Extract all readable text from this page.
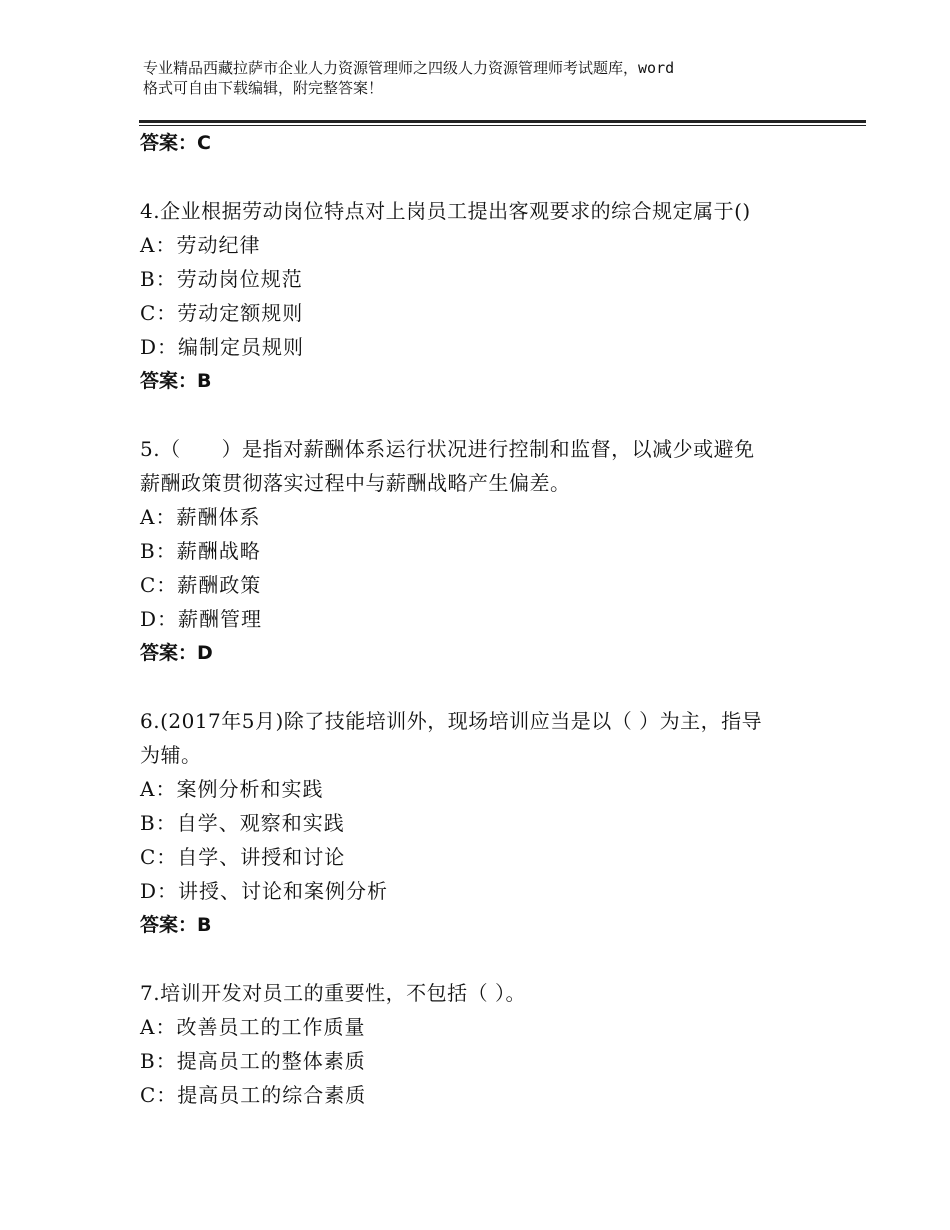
专业精品西藏拉萨市企业人力资源管理师之四级人力资源管理师考试题库，word
格式可自由下载编辑，附完整答案！
答案：C
4.企业根据劳动岗位特点对上岗员工提出客观要求的综合规定属于()
A：劳动纪律
B：劳动岗位规范
C：劳动定额规则
D：编制定员规则
答案：B
5.（　　）是指对薪酬体系运行状况进行控制和监督，以减少或避免
薪酬政策贯彻落实过程中与薪酬战略产生偏差。
A：薪酬体系
B：薪酬战略
C：薪酬政策
D：薪酬管理
答案：D
6.(2017年5月)除了技能培训外，现场培训应当是以（ ）为主，指导
为辅。
A：案例分析和实践
B：自学、观察和实践
C：自学、讲授和讨论
D：讲授、讨论和案例分析
答案：B
7.培训开发对员工的重要性，不包括（ ）。
A：改善员工的工作质量
B：提高员工的整体素质
C：提高员工的综合素质
